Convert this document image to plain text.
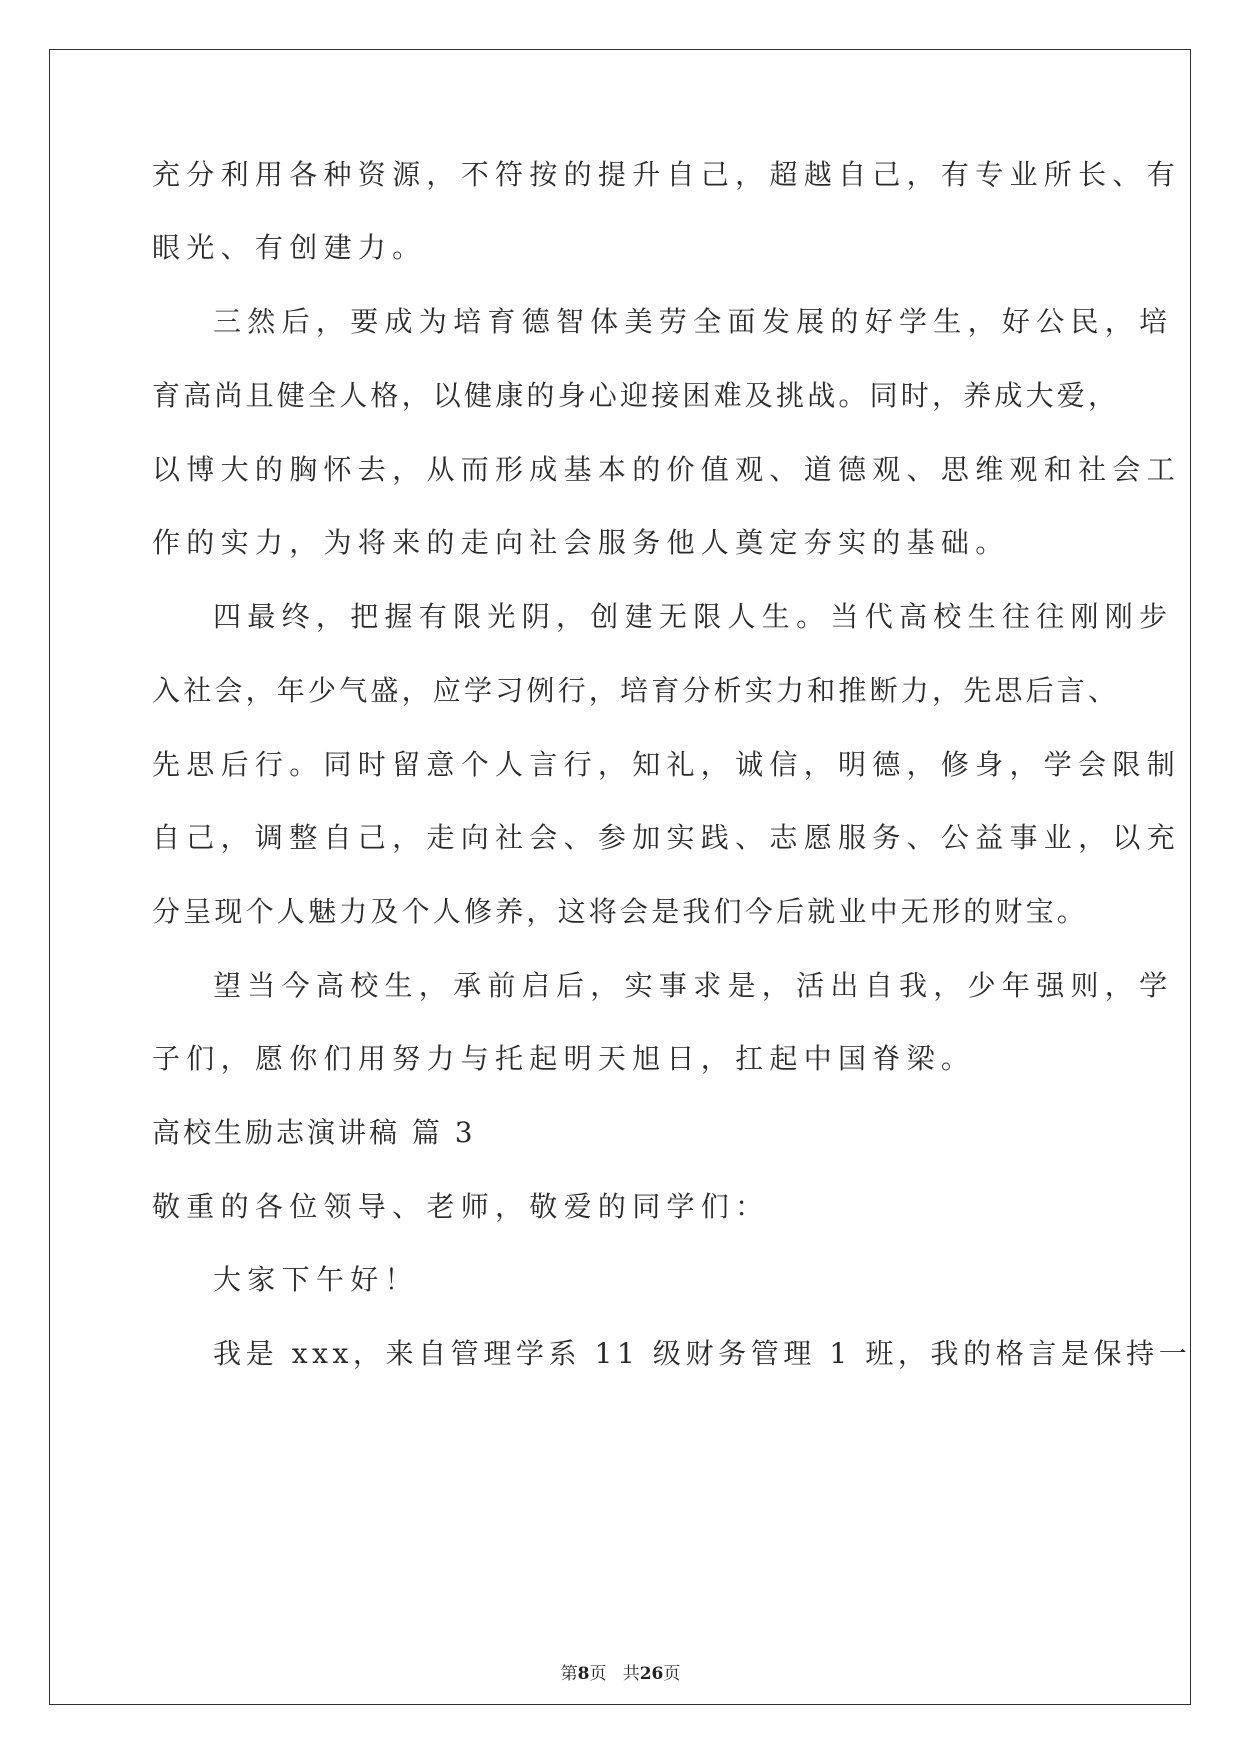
充分利用各种资源，不符按的提升自己，超越自己，有专业所长、有

眼光、有创建力。

三然后，要成为培育德智体美劳全面发展的好学生，好公民，培

育高尚且健全人格，以健康的身心迎接困难及挑战。同时，养成大爱，

以博大的胸怀去，从而形成基本的价值观、道德观、思维观和社会工

作的实力，为将来的走向社会服务他人奠定夯实的基础。

四最终，把握有限光阴，创建无限人生。当代高校生往往刚刚步

入社会，年少气盛，应学习例行，培育分析实力和推断力，先思后言、

先思后行。同时留意个人言行，知礼，诚信，明德，修身，学会限制

自己，调整自己，走向社会、参加实践、志愿服务、公益事业，以充

分呈现个人魅力及个人修养，这将会是我们今后就业中无形的财宝。

望当今高校生，承前启后，实事求是，活出自我，少年强则，学

子们，愿你们用努力与托起明天旭日，扛起中国脊梁。

高校生励志演讲稿 篇 3

敬重的各位领导、老师，敬爱的同学们：

大家下午好！

我是 xxx，来自管理学系 11 级财务管理 1 班，我的格言是保持一

第8页 共26页
